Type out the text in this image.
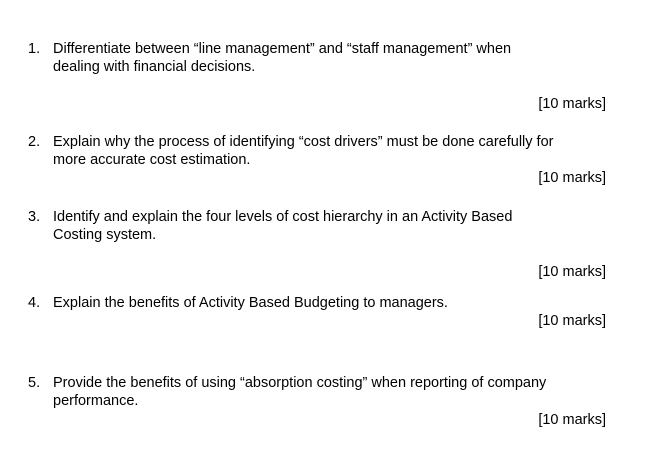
1. Differentiate between “line management” and “staff management” when
dealing with financial decisions.
[10 marks]
2. Explain why the process of identifying “cost drivers” must be done carefully for
more accurate cost estimation.
[10 marks]
3. Identify and explain the four levels of cost hierarchy in an Activity Based
Costing system.
[10 marks]
4. Explain the benefits of Activity Based Budgeting to managers.
[10 marks]
5. Provide the benefits of using “absorption costing” when reporting of company
performance.
[10 marks]
